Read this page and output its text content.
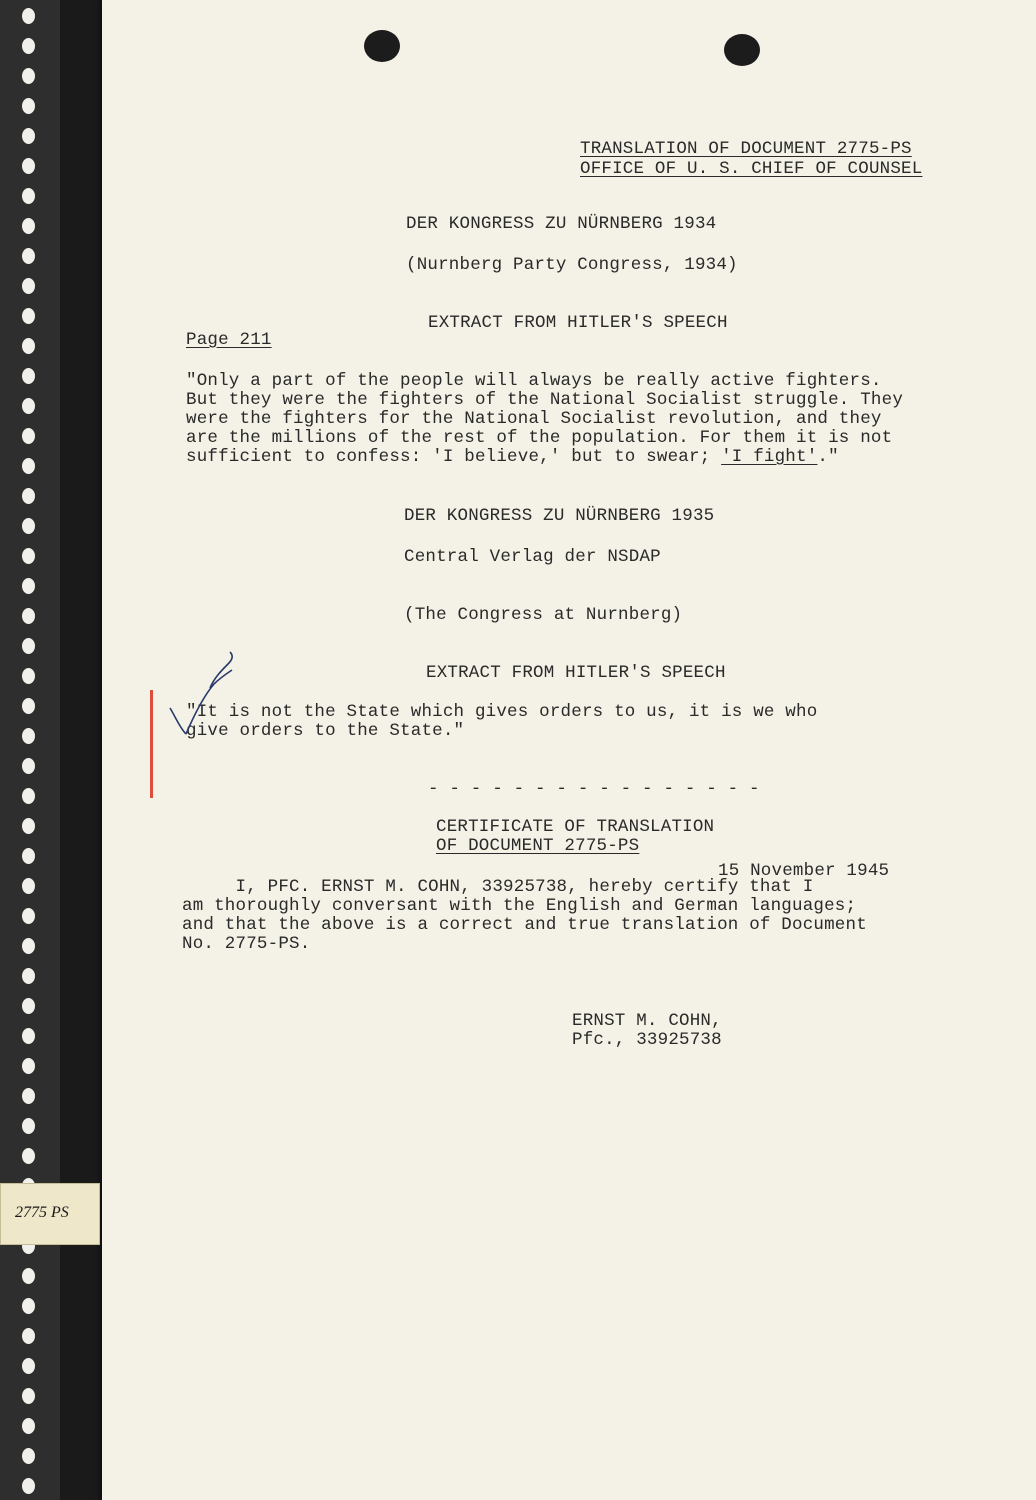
TRANSLATION OF DOCUMENT 2775-PS
OFFICE OF U. S. CHIEF OF COUNSEL
DER KONGRESS ZU NÜRNBERG 1934
(Nurnberg Party Congress, 1934)
EXTRACT FROM HITLER'S SPEECH
Page 211
"Only a part of the people will always be really active fighters.
But they were the fighters of the National Socialist struggle. They
were the fighters for the National Socialist revolution, and they
are the millions of the rest of the population. For them it is not
sufficient to confess: 'I believe,' but to swear; 'I fight'."
DER KONGRESS ZU NÜRNBERG 1935
Central Verlag der NSDAP
(The Congress at Nurnberg)
EXTRACT FROM HITLER'S SPEECH
"It is not the State which gives orders to us, it is we who
give orders to the State."
- - - - - - - - - - - - - - - -
CERTIFICATE OF TRANSLATION
OF DOCUMENT 2775-PS
15 November 1945
I, PFC. ERNST M. COHN, 33925738, hereby certify that I
am thoroughly conversant with the English and German languages;
and that the above is a correct and true translation of Document
No. 2775-PS.
ERNST M. COHN,
Pfc., 33925738
2775 PS
